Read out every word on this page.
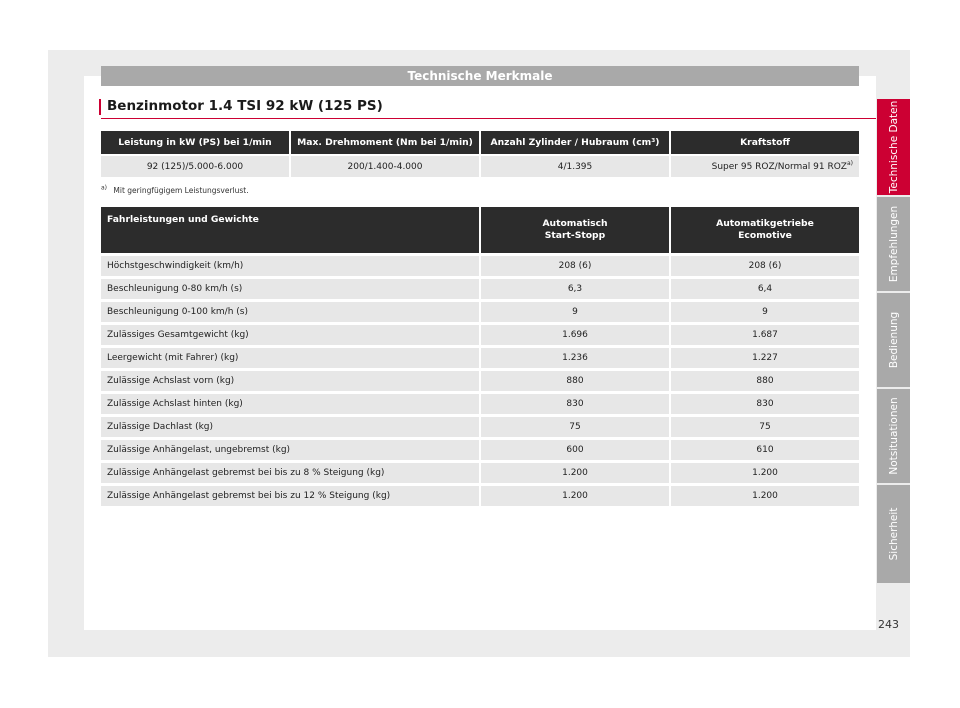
Technische Merkmale
Benzinmotor 1.4 TSI 92 kW (125 PS)
Leistung in kW (PS) bei 1/min	Max. Drehmoment (Nm bei 1/min)	Anzahl Zylinder / Hubraum (cm³)	Kraftstoff
92 (125)/5.000-6.000	200/1.400-4.000	4/1.395	Super 95 ROZ/Normal 91 ROZ$^{a)}$
$^{a)}$ Mit geringfügigem Leistungsverlust.
Fahrleistungen und Gewichte	Automatisch Start-Stopp	Automatikgetriebe Ecomotive

Höchstgeschwindigkeit (km/h)	208 (6)	208 (6)
Beschleunigung 0-80 km/h (s)	6,3	6,4
Beschleunigung 0-100 km/h (s)	9	9
Zulässiges Gesamtgewicht (kg)	1.696	1.687
Leergewicht (mit Fahrer) (kg)	1.236	1.227
Zulässige Achslast vorn (kg)	880	880
Zulässige Achslast hinten (kg)	830	830
Zulässige Dachlast (kg)	75	75
Zulässige Anhängelast, ungebremst (kg)	600	610
Zulässige Anhängelast gebremst bei bis zu 8 % Steigung (kg)	1.200	1.200
Zulässige Anhängelast gebremst bei bis zu 12 % Steigung (kg)	1.200	1.200
Technische Daten
Empfehlungen
Bedienung
Notsituationen
Sicherheit
243
